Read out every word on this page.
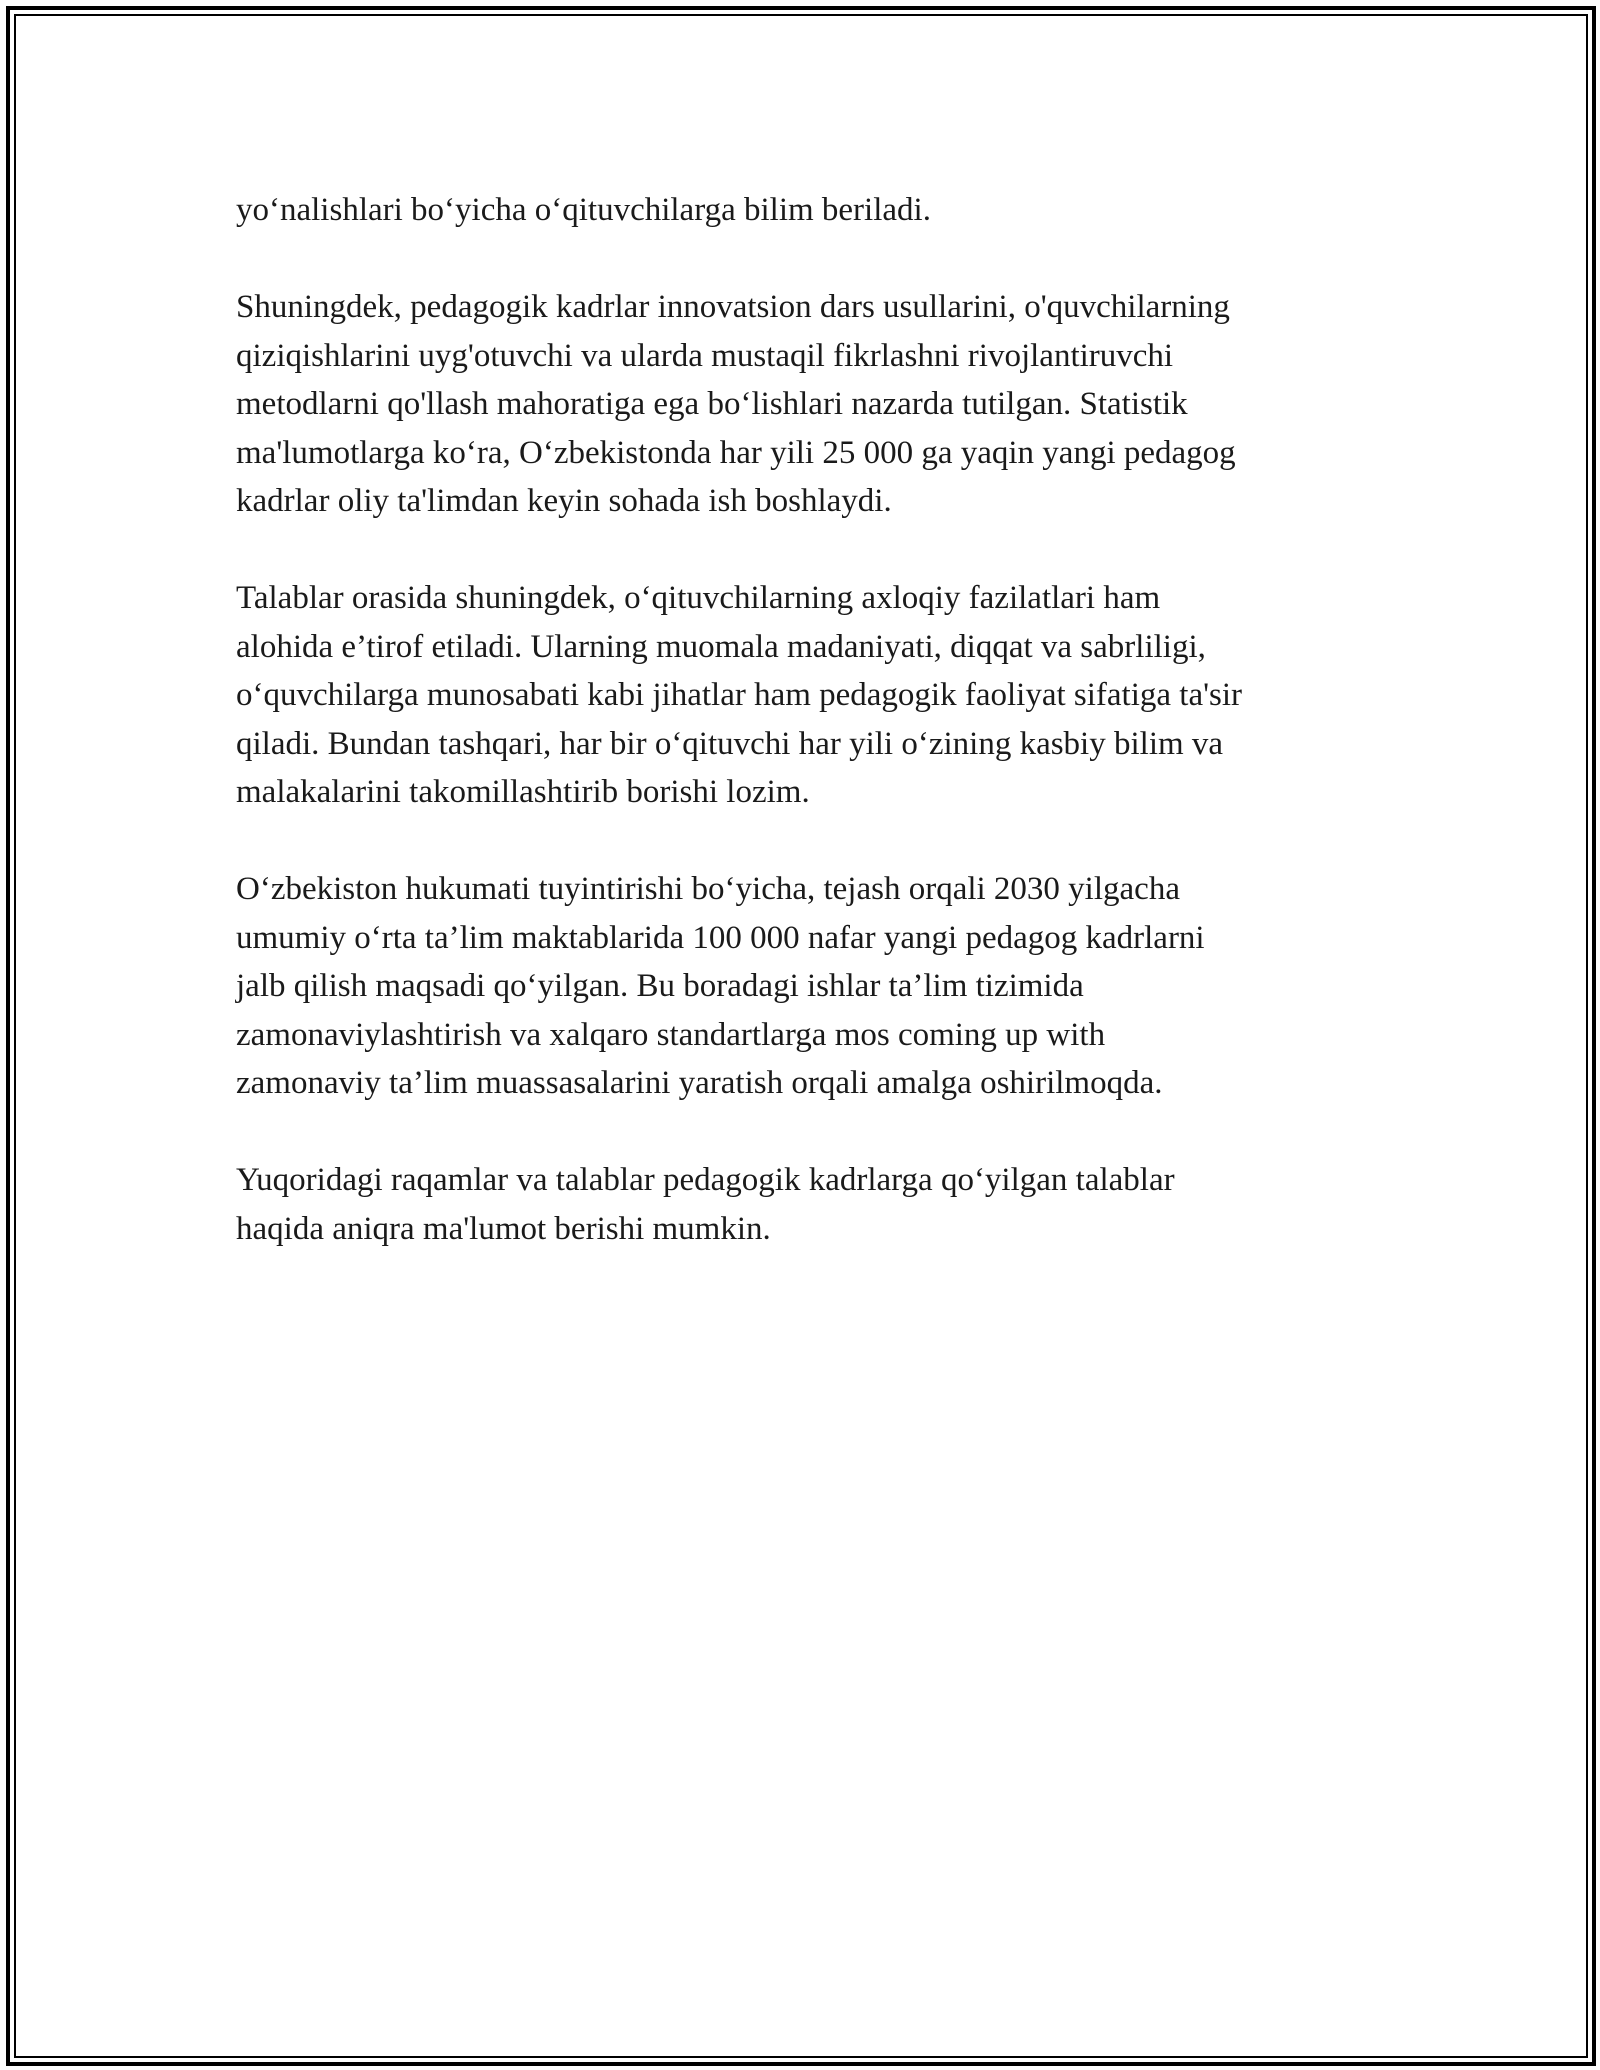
yo‘nalishlari bo‘yicha o‘qituvchilarga bilim beriladi.

Shuningdek, pedagogik kadrlar innovatsion dars usullarini, o'quvchilarning
qiziqishlarini uyg'otuvchi va ularda mustaqil fikrlashni rivojlantiruvchi
metodlarni qo'llash mahoratiga ega bo‘lishlari nazarda tutilgan. Statistik
ma'lumotlarga ko‘ra, O‘zbekistonda har yili 25 000 ga yaqin yangi pedagog
kadrlar oliy ta'limdan keyin sohada ish boshlaydi.

Talablar orasida shuningdek, o‘qituvchilarning axloqiy fazilatlari ham
alohida e’tirof etiladi. Ularning muomala madaniyati, diqqat va sabrliligi,
o‘quvchilarga munosabati kabi jihatlar ham pedagogik faoliyat sifatiga ta'sir
qiladi. Bundan tashqari, har bir o‘qituvchi har yili o‘zining kasbiy bilim va
malakalarini takomillashtirib borishi lozim.

O‘zbekiston hukumati tuyintirishi bo‘yicha, tejash orqali 2030 yilgacha
umumiy o‘rta ta’lim maktablarida 100 000 nafar yangi pedagog kadrlarni
jalb qilish maqsadi qo‘yilgan. Bu boradagi ishlar ta’lim tizimida
zamonaviylashtirish va xalqaro standartlarga mos coming up with
zamonaviy ta’lim muassasalarini yaratish orqali amalga oshirilmoqda.

Yuqoridagi raqamlar va talablar pedagogik kadrlarga qo‘yilgan talablar
haqida aniqra ma'lumot berishi mumkin.
